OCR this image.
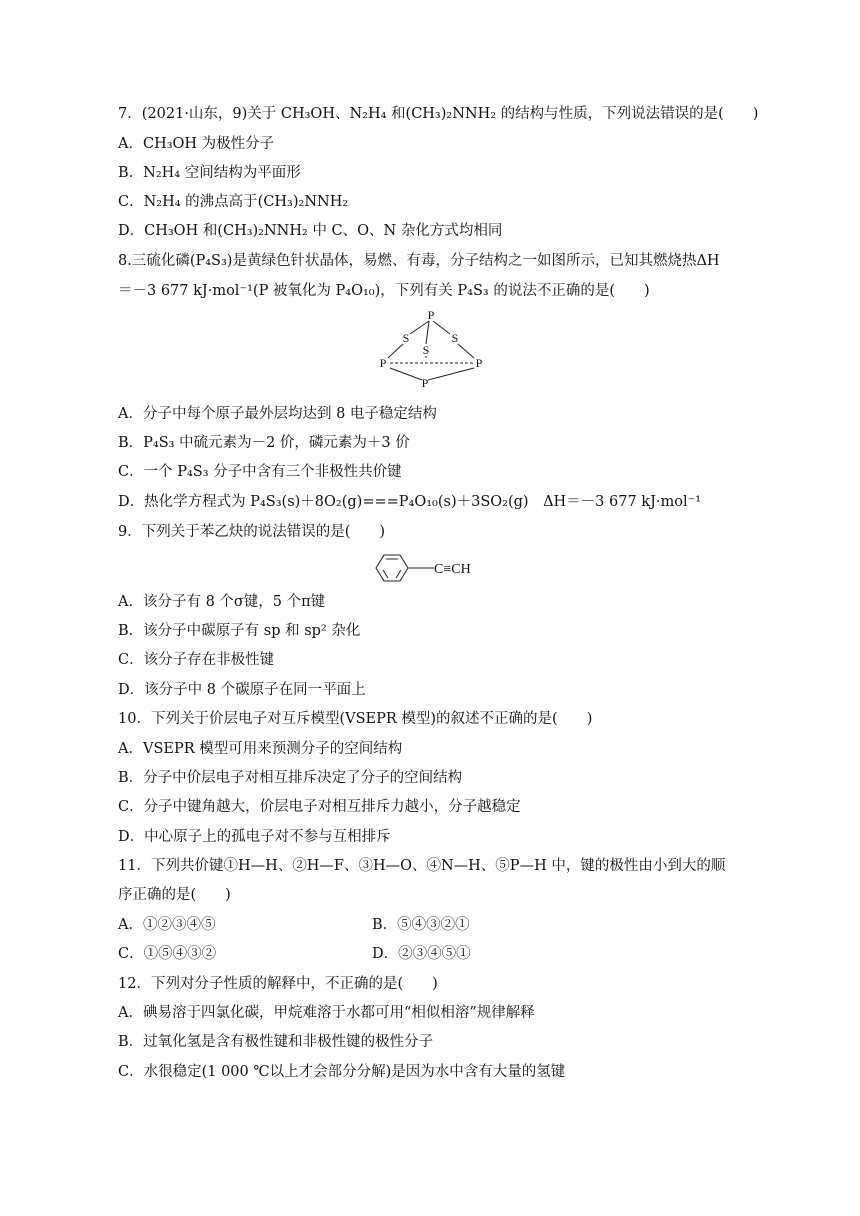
7．(2021·山东，9)关于 CH₃OH、N₂H₄ 和(CH₃)₂NNH₂ 的结构与性质，下列说法错误的是(　　)
A．CH₃OH 为极性分子
B．N₂H₄ 空间结构为平面形
C．N₂H₄ 的沸点高于(CH₃)₂NNH₂
D．CH₃OH 和(CH₃)₂NNH₂ 中 C、O、N 杂化方式均相同
8.三硫化磷(P₄S₃)是黄绿色针状晶体，易燃、有毒，分子结构之一如图所示，已知其燃烧热ΔH
＝－3 677 kJ·mol⁻¹(P 被氧化为 P₄O₁₀)，下列有关 P₄S₃ 的说法不正确的是(　　)
P
S
S
S
P	P
P
A．分子中每个原子最外层均达到 8 电子稳定结构
B．P₄S₃ 中硫元素为－2 价，磷元素为＋3 价
C．一个 P₄S₃ 分子中含有三个非极性共价键
D．热化学方程式为 P₄S₃(s)＋8O₂(g)===P₄O₁₀(s)＋3SO₂(g)　ΔH＝－3 677 kJ·mol⁻¹
9．下列关于苯乙炔的说法错误的是(　　)
C≡CH
A．该分子有 8 个σ键，5 个π键
B．该分子中碳原子有 sp 和 sp² 杂化
C．该分子存在非极性键
D．该分子中 8 个碳原子在同一平面上
10．下列关于价层电子对互斥模型(VSEPR 模型)的叙述不正确的是(　　)
A．VSEPR 模型可用来预测分子的空间结构
B．分子中价层电子对相互排斥决定了分子的空间结构
C．分子中键角越大，价层电子对相互排斥力越小，分子越稳定
D．中心原子上的孤电子对不参与互相排斥
11．下列共价键①H—H、②H—F、③H—O、④N—H、⑤P—H 中，键的极性由小到大的顺
序正确的是(　　)
A．①②③④⑤	B．⑤④③②①
C．①⑤④③②	D．②③④⑤①
12．下列对分子性质的解释中，不正确的是(　　)
A．碘易溶于四氯化碳，甲烷难溶于水都可用“相似相溶”规律解释
B．过氧化氢是含有极性键和非极性键的极性分子
C．水很稳定(1 000 ℃以上才会部分分解)是因为水中含有大量的氢键
